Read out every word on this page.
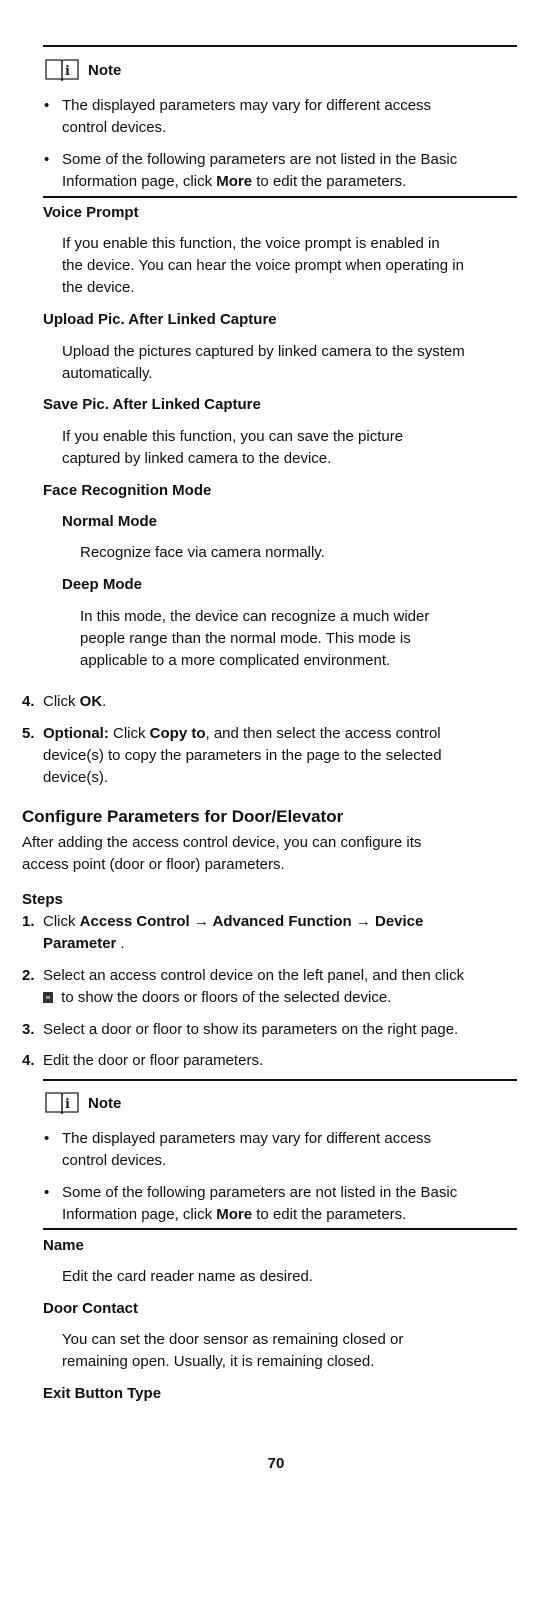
i Note
• The displayed parameters may vary for different access
control devices.
• Some of the following parameters are not listed in the Basic
Information page, click More to edit the parameters.
Voice Prompt
If you enable this function, the voice prompt is enabled in
the device. You can hear the voice prompt when operating in
the device.
Upload Pic. After Linked Capture
Upload the pictures captured by linked camera to the system
automatically.
Save Pic. After Linked Capture
If you enable this function, you can save the picture
captured by linked camera to the device.
Face Recognition Mode
Normal Mode
Recognize face via camera normally.
Deep Mode
In this mode, the device can recognize a much wider
people range than the normal mode. This mode is
applicable to a more complicated environment.
4. Click OK.
5. Optional: Click Copy to, and then select the access control
device(s) to copy the parameters in the page to the selected
device(s).
Configure Parameters for Door/Elevator
After adding the access control device, you can configure its
access point (door or floor) parameters.
Steps
1. Click Access Control → Advanced Function → Device
Parameter .
2. Select an access control device on the left panel, and then click
to show the doors or floors of the selected device.
3. Select a door or floor to show its parameters on the right page.
4. Edit the door or floor parameters.
i Note
• The displayed parameters may vary for different access
control devices.
• Some of the following parameters are not listed in the Basic
Information page, click More to edit the parameters.
Name
Edit the card reader name as desired.
Door Contact
You can set the door sensor as remaining closed or
remaining open. Usually, it is remaining closed.
Exit Button Type
70
